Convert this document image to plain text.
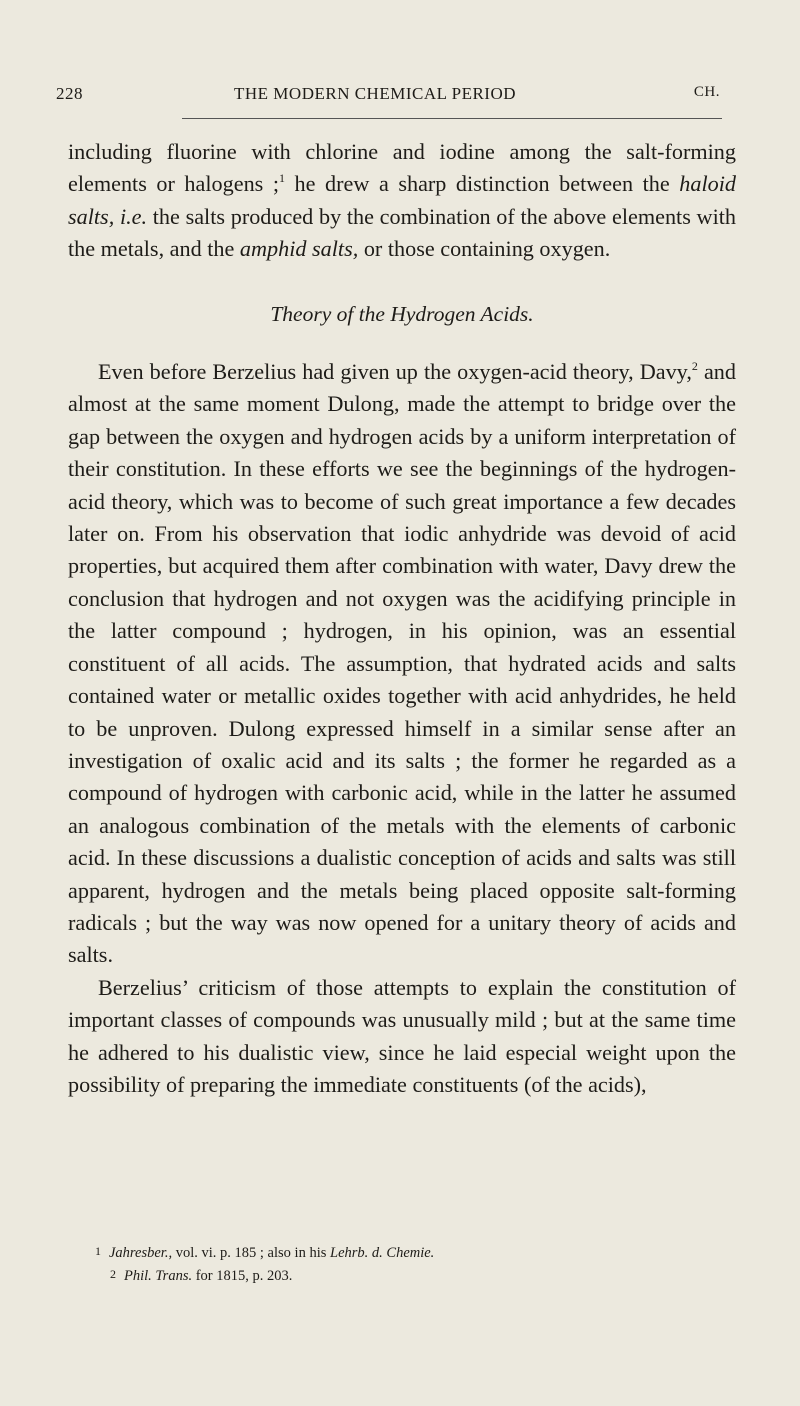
228	THE MODERN CHEMICAL PERIOD	CH.

including fluorine with chlorine and iodine among the salt-forming elements or halogens ;$^1$ he drew a sharp distinction between the haloid salts, i.e. the salts produced by the combination of the above elements with the metals, and the amphid salts, or those containing oxygen.

Theory of the Hydrogen Acids.

Even before Berzelius had given up the oxygen-acid theory, Davy,$^2$ and almost at the same moment Dulong, made the attempt to bridge over the gap between the oxygen and hydrogen acids by a uniform interpretation of their constitution. In these efforts we see the beginnings of the hydrogen-acid theory, which was to become of such great importance a few decades later on. From his observation that iodic anhydride was devoid of acid properties, but acquired them after combination with water, Davy drew the conclusion that hydrogen and not oxygen was the acidifying principle in the latter compound ; hydrogen, in his opinion, was an essential constituent of all acids. The assumption, that hydrated acids and salts contained water or metallic oxides together with acid anhydrides, he held to be unproven. Dulong expressed himself in a similar sense after an investigation of oxalic acid and its salts ; the former he regarded as a compound of hydrogen with carbonic acid, while in the latter he assumed an analogous combination of the metals with the elements of carbonic acid. In these discussions a dualistic conception of acids and salts was still apparent, hydrogen and the metals being placed opposite salt-forming radicals ; but the way was now opened for a unitary theory of acids and salts.

Berzelius’ criticism of those attempts to explain the constitution of important classes of compounds was unusually mild ; but at the same time he adhered to his dualistic view, since he laid especial weight upon the possibility of preparing the immediate constituents (of the acids),

1 Jahresber., vol. vi. p. 185 ; also in his Lehrb. d. Chemie.

2 Phil. Trans. for 1815, p. 203.
